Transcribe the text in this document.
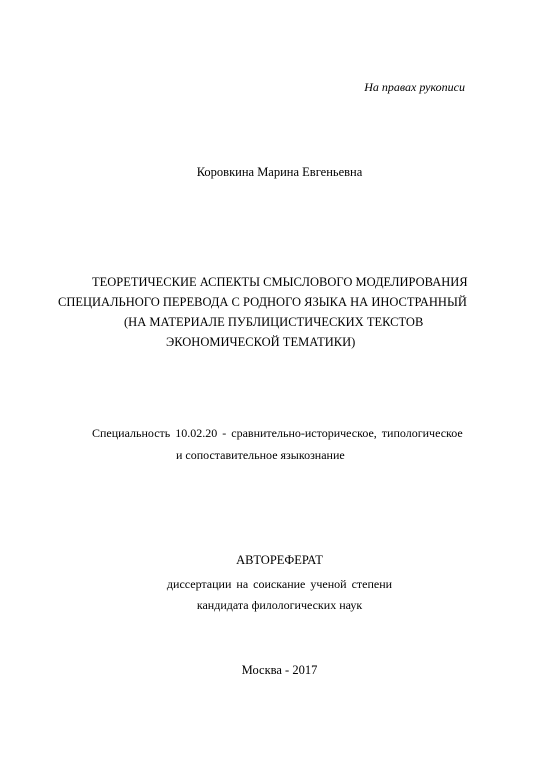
На правах рукописи
Коровкина Марина Евгеньевна
ТЕОРЕТИЧЕСКИЕ АСПЕКТЫ СМЫСЛОВОГО МОДЕЛИРОВАНИЯ
СПЕЦИАЛЬНОГО ПЕРЕВОДА С РОДНОГО ЯЗЫКА НА ИНОСТРАННЫЙ
(НА МАТЕРИАЛЕ ПУБЛИЦИСТИЧЕСКИХ ТЕКСТОВ
ЭКОНОМИЧЕСКОЙ ТЕМАТИКИ)
Специальность 10.02.20 - сравнительно-историческое, типологическое
и сопоставительное языкознание
АВТОРЕФЕРАТ
диссертации на соискание ученой степени
кандидата филологических наук
Москва - 2017
